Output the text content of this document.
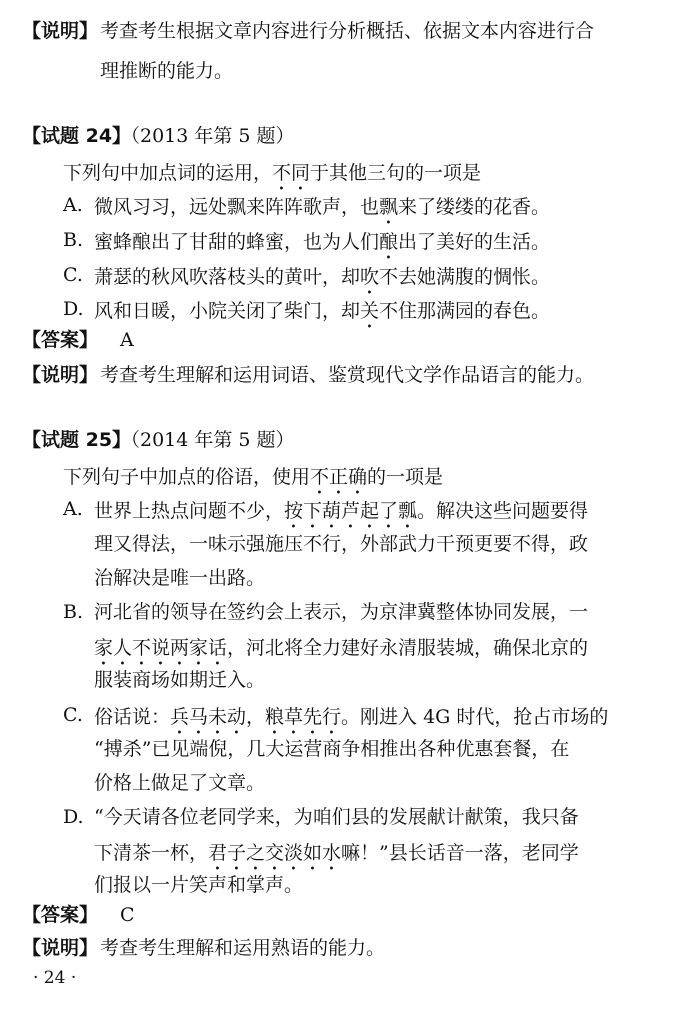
【说明】 考查考生根据文章内容进行分析概括、依据文本内容进行合
理推断的能力。
【试题 24】
（2013 年第 5 题）
下列句中加点词的运用，不同于其他三句的一项是
A. 微风习习，远处飘来阵阵歌声，也飘来了缕缕的花香。
B. 蜜蜂酿出了甘甜的蜂蜜，也为人们酿出了美好的生活。
C. 萧瑟的秋风吹落枝头的黄叶，却吹不去她满腹的惆怅。
D. 风和日暖，小院关闭了柴门，却关不住那满园的春色。
【答案】 A
【说明】 考查考生理解和运用词语、鉴赏现代文学作品语言的能力。
【试题 25】
（2014 年第 5 题）
下列句子中加点的俗语，使用不正确的一项是
A. 世界上热点问题不少，按下葫芦起了瓢。解决这些问题要得
理又得法，一味示强施压不行，外部武力干预更要不得，政
治解决是唯一出路。
B. 河北省的领导在签约会上表示，为京津冀整体协同发展，一
家人不说两家话，河北将全力建好永清服装城，确保北京的
服装商场如期迁入。
C. 俗话说：兵马未动，粮草先行。刚进入 4G 时代，抢占市场的
“搏杀”已见端倪，几大运营商争相推出各种优惠套餐，在
价格上做足了文章。
D. “今天请各位老同学来，为咱们县的发展献计献策，我只备
下清茶一杯，君子之交淡如水嘛！”县长话音一落，老同学
们报以一片笑声和掌声。
【答案】 C
【说明】 考查考生理解和运用熟语的能力。
· 24 ·
